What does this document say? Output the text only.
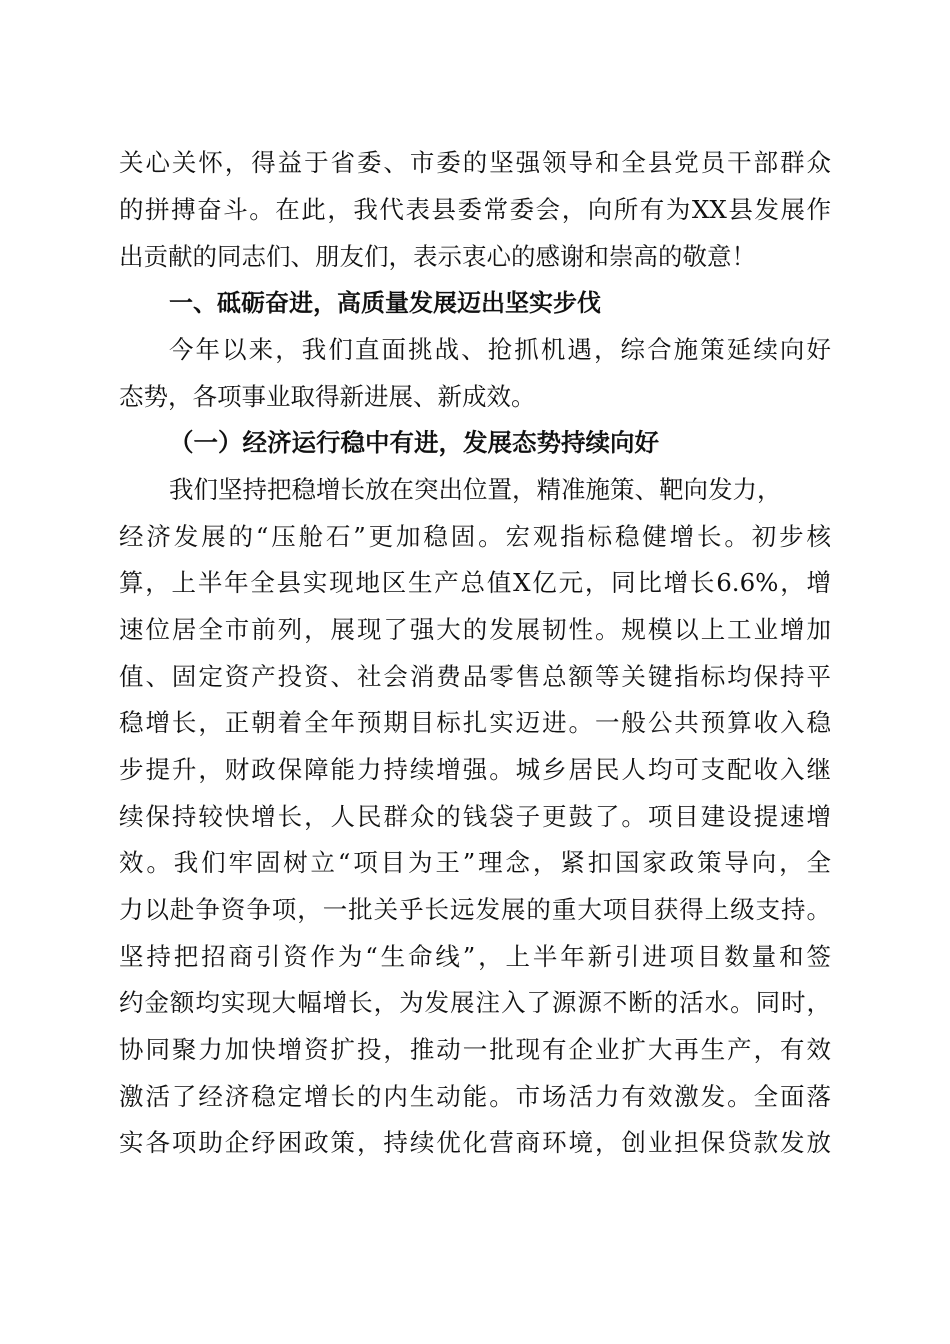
关心关怀，得益于省委、市委的坚强领导和全县党员干部群众
的拼搏奋斗。在此，我代表县委常委会，向所有为XX县发展作
出贡献的同志们、朋友们，表示衷心的感谢和崇高的敬意！
一、砥砺奋进，高质量发展迈出坚实步伐
今年以来，我们直面挑战、抢抓机遇，综合施策延续向好
态势，各项事业取得新进展、新成效。
（一）经济运行稳中有进，发展态势持续向好
我们坚持把稳增长放在突出位置，精准施策、靶向发力，
经济发展的“压舱石”更加稳固。宏观指标稳健增长。初步核
算，上半年全县实现地区生产总值X亿元，同比增长6.6%，增
速位居全市前列，展现了强大的发展韧性。规模以上工业增加
值、固定资产投资、社会消费品零售总额等关键指标均保持平
稳增长，正朝着全年预期目标扎实迈进。一般公共预算收入稳
步提升，财政保障能力持续增强。城乡居民人均可支配收入继
续保持较快增长，人民群众的钱袋子更鼓了。项目建设提速增
效。我们牢固树立“项目为王”理念，紧扣国家政策导向，全
力以赴争资争项，一批关乎长远发展的重大项目获得上级支持。
坚持把招商引资作为“生命线”，上半年新引进项目数量和签
约金额均实现大幅增长，为发展注入了源源不断的活水。同时，
协同聚力加快增资扩投，推动一批现有企业扩大再生产，有效
激活了经济稳定增长的内生动能。市场活力有效激发。全面落
实各项助企纾困政策，持续优化营商环境，创业担保贷款发放
